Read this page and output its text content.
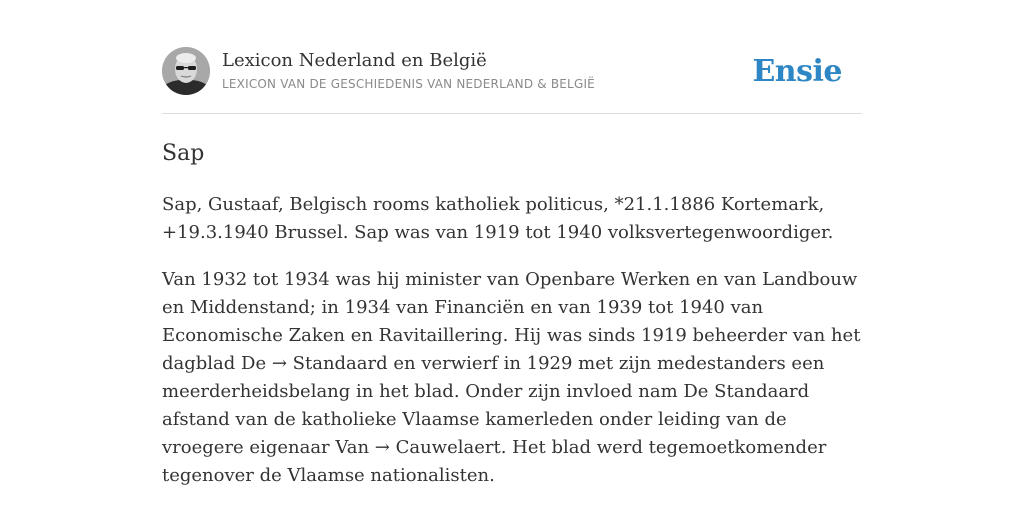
Lexicon Nederland en België
LEXICON VAN DE GESCHIEDENIS VAN NEDERLAND & BELGIË	Ensie
Sap

Sap, Gustaaf, Belgisch rooms katholiek politicus, *21.1.1886 Kortemark, +19.3.1940 Brussel. Sap was van 1919 tot 1940 volksvertegenwoordiger.

Van 1932 tot 1934 was hij minister van Openbare Werken en van Landbouw en Middenstand; in 1934 van Financiën en van 1939 tot 1940 van Economische Zaken en Ravitaillering. Hij was sinds 1919 beheerder van het dagblad De → Standaard en verwierf in 1929 met zijn medestanders een meerderheidsbelang in het blad. Onder zijn invloed nam De Standaard afstand van de katholieke Vlaamse kamerleden onder leiding van de vroegere eigenaar Van → Cauwelaert. Het blad werd tegemoetkomender tegenover de Vlaamse nationalisten.
